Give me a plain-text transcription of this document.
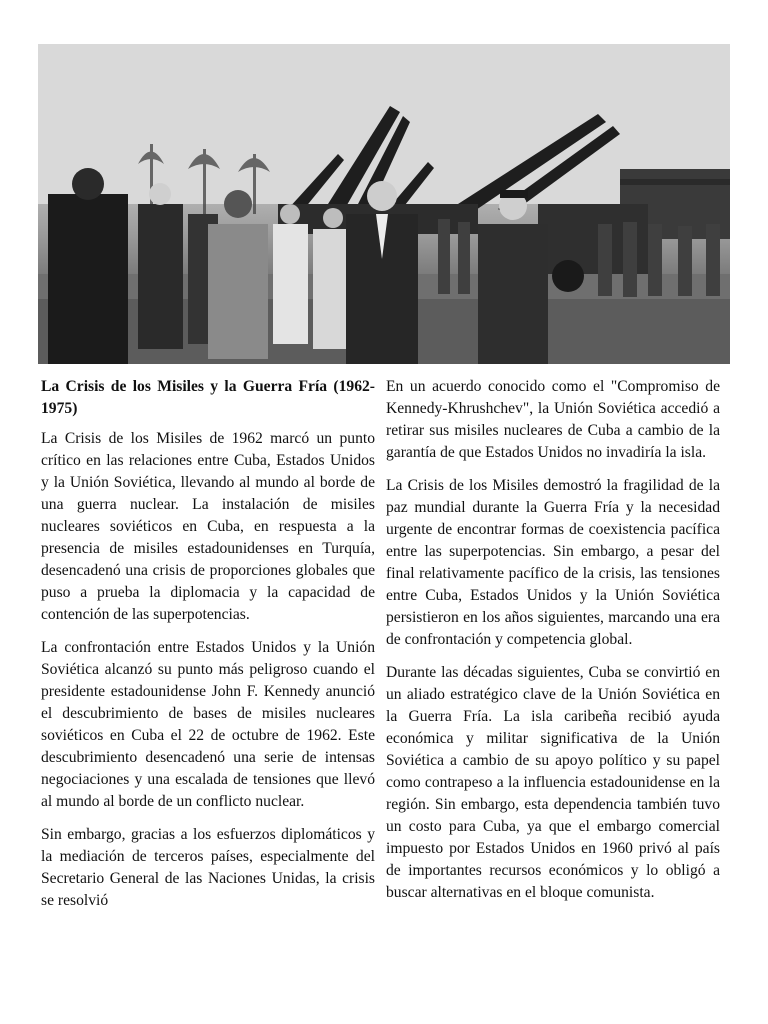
La Crisis de los Misiles y la Guerra Fría (1962-1975)

La Crisis de los Misiles de 1962 marcó un punto crítico en las relaciones entre Cuba, Estados Unidos y la Unión Soviética, llevando al mundo al borde de una guerra nuclear. La instalación de misiles nucleares soviéticos en Cuba, en respuesta a la presencia de misiles estadounidenses en Turquía, desencadenó una crisis de proporciones globales que puso a prueba la diplomacia y la capacidad de contención de las superpotencias.

La confrontación entre Estados Unidos y la Unión Soviética alcanzó su punto más peligroso cuando el presidente estadounidense John F. Kennedy anunció el descubrimiento de bases de misiles nucleares soviéticos en Cuba el 22 de octubre de 1962. Este descubrimiento desencadenó una serie de intensas negociaciones y una escalada de tensiones que llevó al mundo al borde de un conflicto nuclear.

Sin embargo, gracias a los esfuerzos diplomáticos y la mediación de terceros países, especialmente del Secretario General de las Naciones Unidas, la crisis se resolvió

En un acuerdo conocido como el "Compromiso de Kennedy-Khrushchev", la Unión Soviética accedió a retirar sus misiles nucleares de Cuba a cambio de la garantía de que Estados Unidos no invadiría la isla.

La Crisis de los Misiles demostró la fragilidad de la paz mundial durante la Guerra Fría y la necesidad urgente de encontrar formas de coexistencia pacífica entre las superpotencias. Sin embargo, a pesar del final relativamente pacífico de la crisis, las tensiones entre Cuba, Estados Unidos y la Unión Soviética persistieron en los años siguientes, marcando una era de confrontación y competencia global.

Durante las décadas siguientes, Cuba se convirtió en un aliado estratégico clave de la Unión Soviética en la Guerra Fría. La isla caribeña recibió ayuda económica y militar significativa de la Unión Soviética a cambio de su apoyo político y su papel como contrapeso a la influencia estadounidense en la región. Sin embargo, esta dependencia también tuvo un costo para Cuba, ya que el embargo comercial impuesto por Estados Unidos en 1960 privó al país de importantes recursos económicos y lo obligó a buscar alternativas en el bloque comunista.
